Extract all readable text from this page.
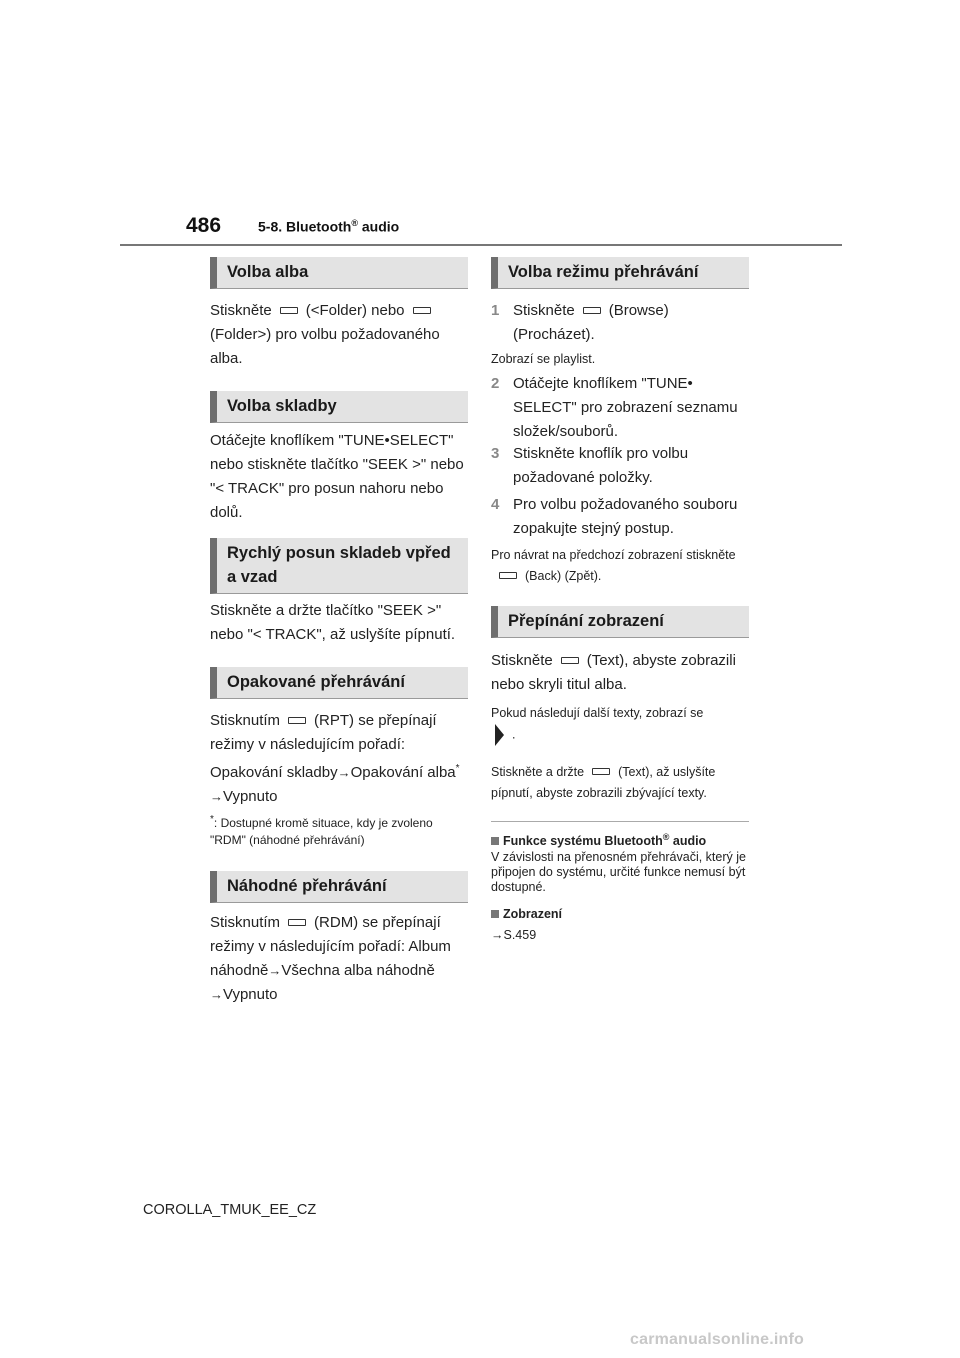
486	5-8. Bluetooth® audio
Volba alba
Stiskněte (<Folder) nebo (Folder>) pro volbu požadovaného alba.
Volba skladby
Otáčejte knoflíkem "TUNE•SELECT" nebo stiskněte tlačítko "SEEK >" nebo "< TRACK" pro posun nahoru nebo dolů.
Rychlý posun skladeb vpřed a vzad
Stiskněte a držte tlačítko "SEEK >" nebo "< TRACK", až uslyšíte pípnutí.
Opakované přehrávání
Stisknutím (RPT) se přepínají režimy v následujícím pořadí: Opakování skladby→Opakování alba*
→Vypnuto
*: Dostupné kromě situace, kdy je zvoleno "RDM" (náhodné přehrávání)
Náhodné přehrávání
Stisknutím (RDM) se přepínají režimy v následujícím pořadí: Album náhodně→Všechna alba náhodně
→Vypnuto
Volba režimu přehrávání
1 Stiskněte (Browse) (Procházet).
Zobrazí se playlist.
2 Otáčejte knoflíkem "TUNE• SELECT" pro zobrazení seznamu složek/souborů.
3 Stiskněte knoflík pro volbu požadované položky.
4 Pro volbu požadovaného souboru zopakujte stejný postup.
Pro návrat na předchozí zobrazení stiskněte(Back) (Zpět).
Přepínání zobrazení
Stiskněte (Text), abyste zobrazili nebo skryli titul alba.
Pokud následují další texty, zobrazí se
.
Stiskněte a držte	(Text), až uslyšíte pípnutí, abyste zobrazili zbývající texty.
Funkce systému Bluetooth® audio
V závislosti na přenosném přehrávači, který je připojen do systému, určité funkce nemusí být dostupné.
Zobrazení
→S.459
COROLLA_TMUK_EE_CZ
carmanualsonline.info
